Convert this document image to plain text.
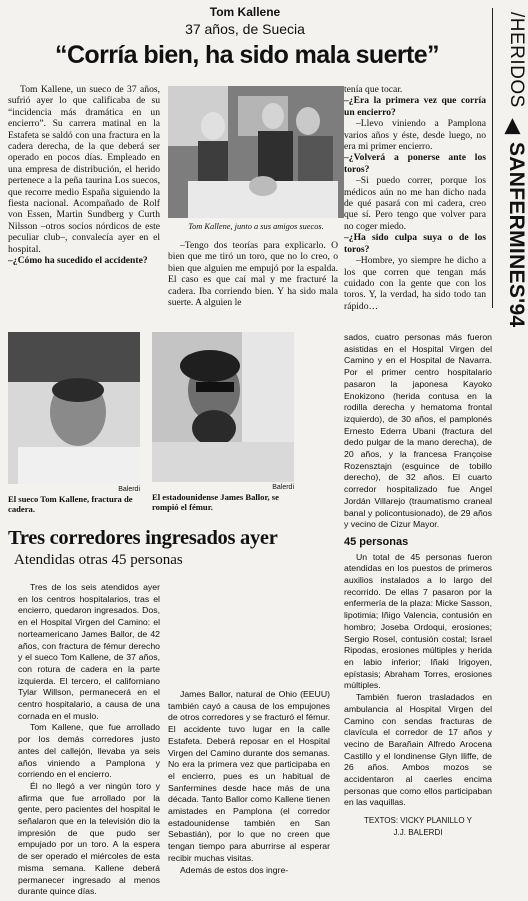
/HERIDOS
◀
SANFERMINES'94
Tom Kallene
37 años, de Suecia
“Corría bien, ha sido mala suerte”

Tom Kallene, un sueco de 37 años, sufrió ayer lo que calificaba de su “incidencia más dramática en un encierro”. Su carrera matinal en la Estafeta se saldó con una fractura en la cadera derecha, de la que deberá ser operado en pocos días. Empleado en una empresa de distribución, el herido pertenece a la peña taurina Los suecos, que recorre medio España siguiendo la fiesta nacional. Acompañado de Rolf von Essen, Martin Sundberg y Curth Nilsson –otros socios nórdicos de este peculiar club–, convalecía ayer en el hospital.

–¿Cómo ha sucedido el accidente?

Tom Kallene, junto a sus amigos suecos.

–Tengo dos teorías para explicarlo. O bien que me tiró un toro, que no lo creo, o bien que alguien me empujó por la espalda. El caso es que caí mal y me fracturé la cadera. Iba corriendo bien. Y ha sido mala suerte. A alguien le

tenía que tocar.

–¿Era la primera vez que corría un encierro?

–Llevo viniendo a Pamplona varios años y éste, desde luego, no era mi primer encierro.

–¿Volverá a ponerse ante los toros?

–Si puedo correr, porque los médicos aún no me han dicho nada de qué pasará con mi cadera, creo que sí. Pero tengo que volver para no coger miedo.

–¿Ha sido culpa suya o de los toros?

–Hombre, yo siempre he dicho a los que corren que tengan más cuidado con la gente que con los toros. Y, la verdad, ha sido todo tan rápido…

Balerdi
El sueco Tom Kallene, fractura de cadera.
Balerdi
El estadounidense James Ballor, se rompió el fémur.
Tres corredores ingresados ayer
Atendidas otras 45 personas

Tres de los seis atendidos ayer en los centros hospitalarios, tras el encierro, quedaron ingresados. Dos, en el Hospital Virgen del Camino: el norteamericano James Ballor, de 42 años, con fractura de fémur derecho y el sueco Tom Kallene, de 37 años, con rotura de cadera en la parte izquierda. El tercero, el californiano Tylar Willson, permanecerá en el centro hospitalario, a causa de una cornada en el muslo.

Tom Kallene, que fue arrollado por los demás corredores justo antes del callejón, llevaba ya seis años viniendo a Pamplona y corriendo en el encierro.

Él no llegó a ver ningún toro y afirma que fue arrollado por la gente, pero pacientes del hospital le señalaron que en la televisión dio la impresión de que pudo ser empujado por un toro. A la espera de ser operado el miércoles de esta misma semana. Kallene deberá permanecer ingresado al menos durante quince días.

James Ballor, natural de Ohio (EEUU) también cayó a causa de los empujones de otros corredores y se fracturó el fémur. El accidente tuvo lugar en la calle Estafeta. Deberá reposar en el Hospital Virgen del Camino durante dos semanas. No era la primera vez que participaba en el encierro, pues es un habitual de Sanfermines desde hace más de una década. Tanto Ballor como Kallene tienen amistades en Pamplona (el corredor estadounidense también en San Sebastián), por lo que no creen que tengan tiempo para aburrirse al esperar recibir muchas visitas.

Además de estos dos ingre-

sados, cuatro personas más fueron asistidas en el Hospital Virgen del Camino y en el Hospital de Navarra. Por el primer centro hospitalario pasaron la japonesa Kayoko Enokizono (herida contusa en la rodilla derecha y hematoma frontal izquierdo), de 30 años, el pamplonés Ernesto Ederra Ubani (fractura del dedo pulgar de la mano derecha), de 20 años, y la francesa Françoise Rozensztajn (esguince de tobillo derecho), de 32 años. El cuarto corredor hospitalizado fue Angel Jordán Villarejo (traumatismo craneal banal y policontusionado), de 29 años y vecino de Cizur Mayor.

45 personas

Un total de 45 personas fueron atendidas en los puestos de primeros auxilios instalados a lo largo del recorrido. De ellas 7 pasaron por la enfermería de la plaza: Micke Sasson, lipotimia; Iñigo Valencia, contusión en hombro; Joseba Ordoqui, erosiones; Sergio Rosel, contusión costal; Israel Ripodas, erosiones múltiples y herida en labio inferior; Iñaki Irigoyen, epístasis; Abraham Torres, erosiones múltiples.

También fueron trasladados en ambulancia al Hospital Virgen del Camino con sendas fracturas de clavícula el corredor de 17 años y vecino de Barañain Alfredo Arocena Castillo y el londinense Glyn Iliffe, de 26 años. Ambos mozos se accidentaron al caerles encima personas que como ellos participaban en las vaquillas.

TEXTOS: VICKY PLANILLO Y

J.J. BALERDI
